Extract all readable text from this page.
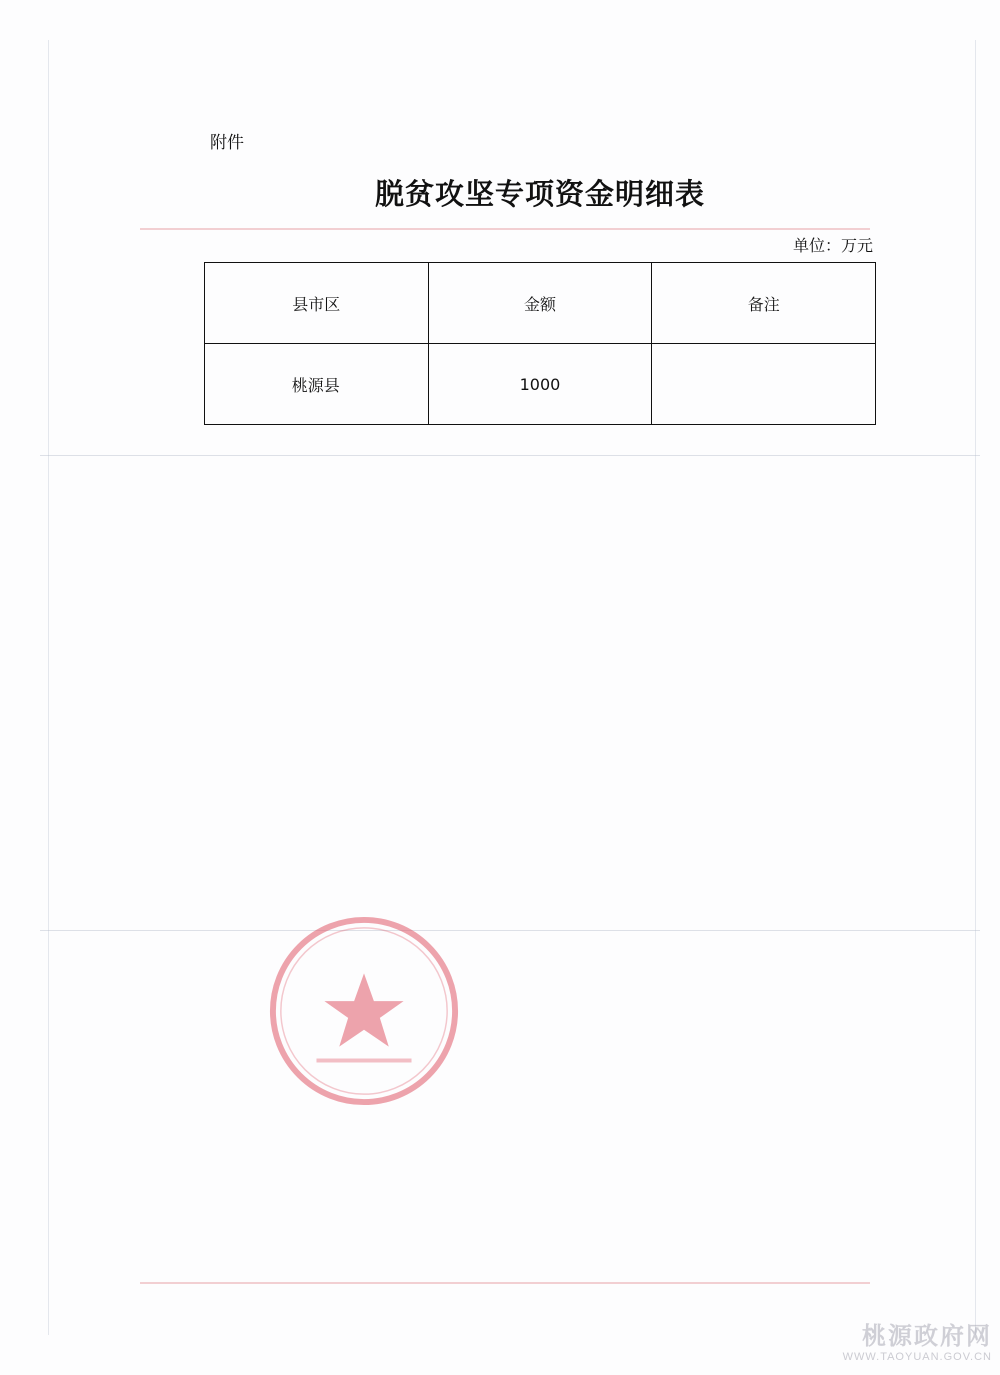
附件
脱贫攻坚专项资金明细表
单位：万元
县市区	金额	备注
桃源县	1000	
桃源政府网
WWW.TAOYUAN.GOV.CN
